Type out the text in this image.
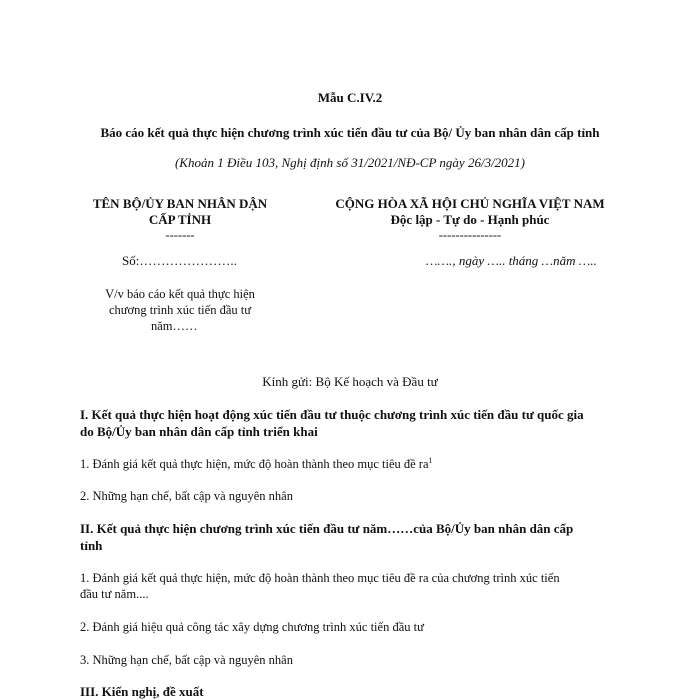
Mẫu C.IV.2
Báo cáo kết quả thực hiện chương trình xúc tiến đầu tư của Bộ/ Ủy ban nhân dân cấp tỉnh
(Khoản 1 Điều 103, Nghị định số 31/2021/NĐ-CP ngày 26/3/2021)
TÊN BỘ/ỦY BAN NHÂN DẬN
CẤP TỈNH
-------
Số:…………………..
V/v báo cáo kết quả thực hiện
chương trình xúc tiến đầu tư
năm……
CỘNG HÒA XÃ HỘI CHỦ NGHĨA VIỆT NAM
Độc lập - Tự do - Hạnh phúc
---------------
……., ngày ….. tháng …năm …..
Kính gửi: Bộ Kế hoạch và Đầu tư
I. Kết quả thực hiện hoạt động xúc tiến đầu tư thuộc chương trình xúc tiến đầu tư quốc gia
do Bộ/Ủy ban nhân dân cấp tỉnh triển khai
1. Đánh giá kết quả thực hiện, mức độ hoàn thành theo mục tiêu đề $ra^1$
2. Những hạn chế, bất cập và nguyên nhân
II. Kết quả thực hiện chương trình xúc tiến đầu tư năm……của Bộ/Ủy ban nhân dân cấp
tỉnh
1. Đánh giá kết quả thực hiện, mức độ hoàn thành theo mục tiêu đề ra của chương trình xúc tiến
đầu tư năm....
2. Đánh giá hiệu quả công tác xây dựng chương trình xúc tiến đầu tư
3. Những hạn chế, bất cập và nguyên nhân
III. Kiến nghị, đề xuất
